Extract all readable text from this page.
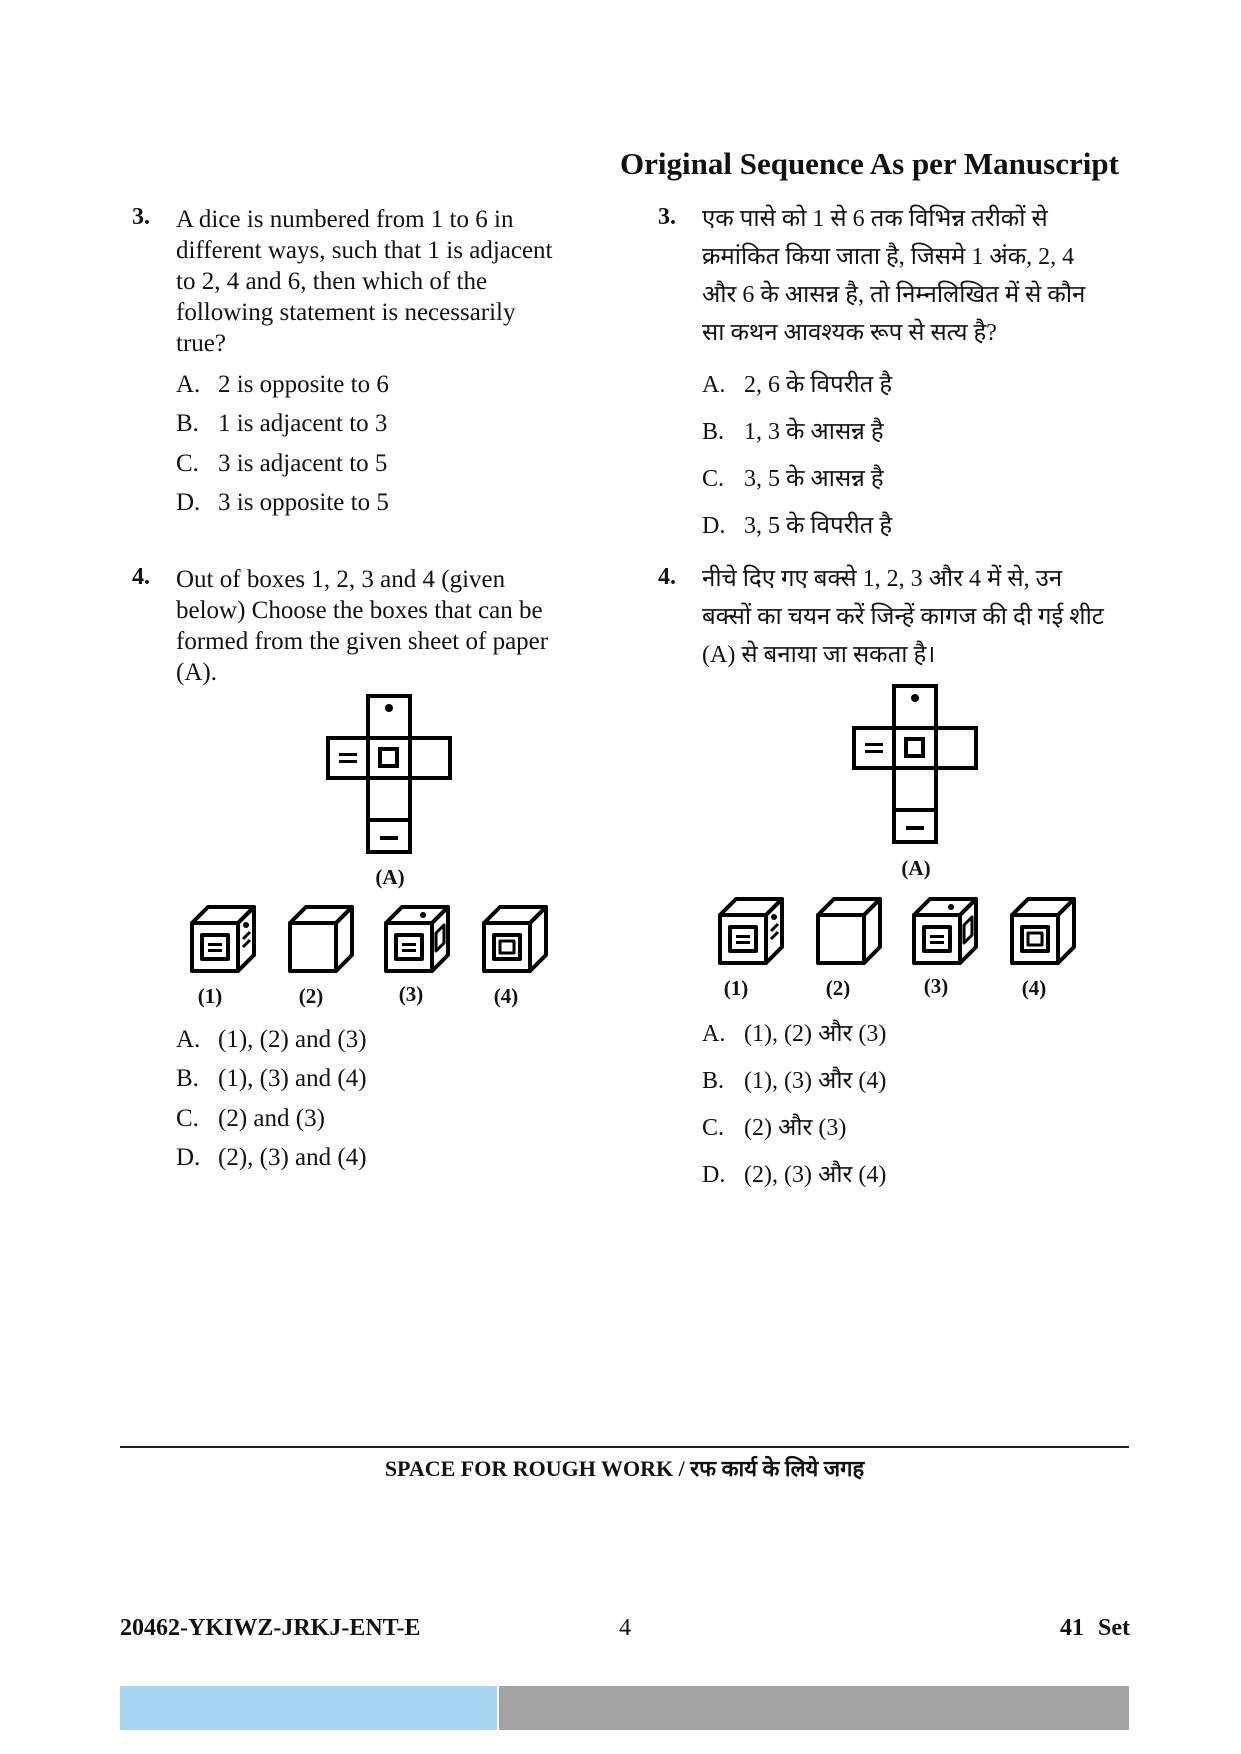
Original Sequence As per Manuscript
3. A dice is numbered from 1 to 6 in
different ways, such that 1 is adjacent
to 2, 4 and 6, then which of the
following statement is necessarily
true?
A. 2 is opposite to 6
B. 1 is adjacent to 3
C. 3 is adjacent to 5
D. 3 is opposite to 5
3. एक पासे को 1 से 6 तक विभिन्न तरीकों से
क्रमांकित किया जाता है, जिसमे 1 अंक, 2, 4
और 6 के आसन्न है, तो निम्नलिखित में से कौन
सा कथन आवश्यक रूप से सत्य है?
A. 2, 6 के विपरीत है
B. 1, 3 के आसन्न है
C. 3, 5 के आसन्न है
D. 3, 5 के विपरीत है
4. Out of boxes 1, 2, 3 and 4 (given
below) Choose the boxes that can be
formed from the given sheet of paper
(A).
(A)
(1)	(2)	(3)	(4)
A. (1), (2) and (3)
B. (1), (3) and (4)
C. (2) and (3)
D. (2), (3) and (4)
4. नीचे दिए गए बक्से 1, 2, 3 और 4 में से, उन
बक्सों का चयन करें जिन्हें कागज की दी गई शीट
(A) से बनाया जा सकता है।
(A)
(1)	(2)	(3)	(4)
A. (1), (2) और (3)
B. (1), (3) और (4)
C. (2) और (3)
D. (2), (3) और (4)
SPACE FOR ROUGH WORK / रफ कार्य के लिये जगह
20462-YKIWZ-JRKJ-ENT-E	4	41 Set
